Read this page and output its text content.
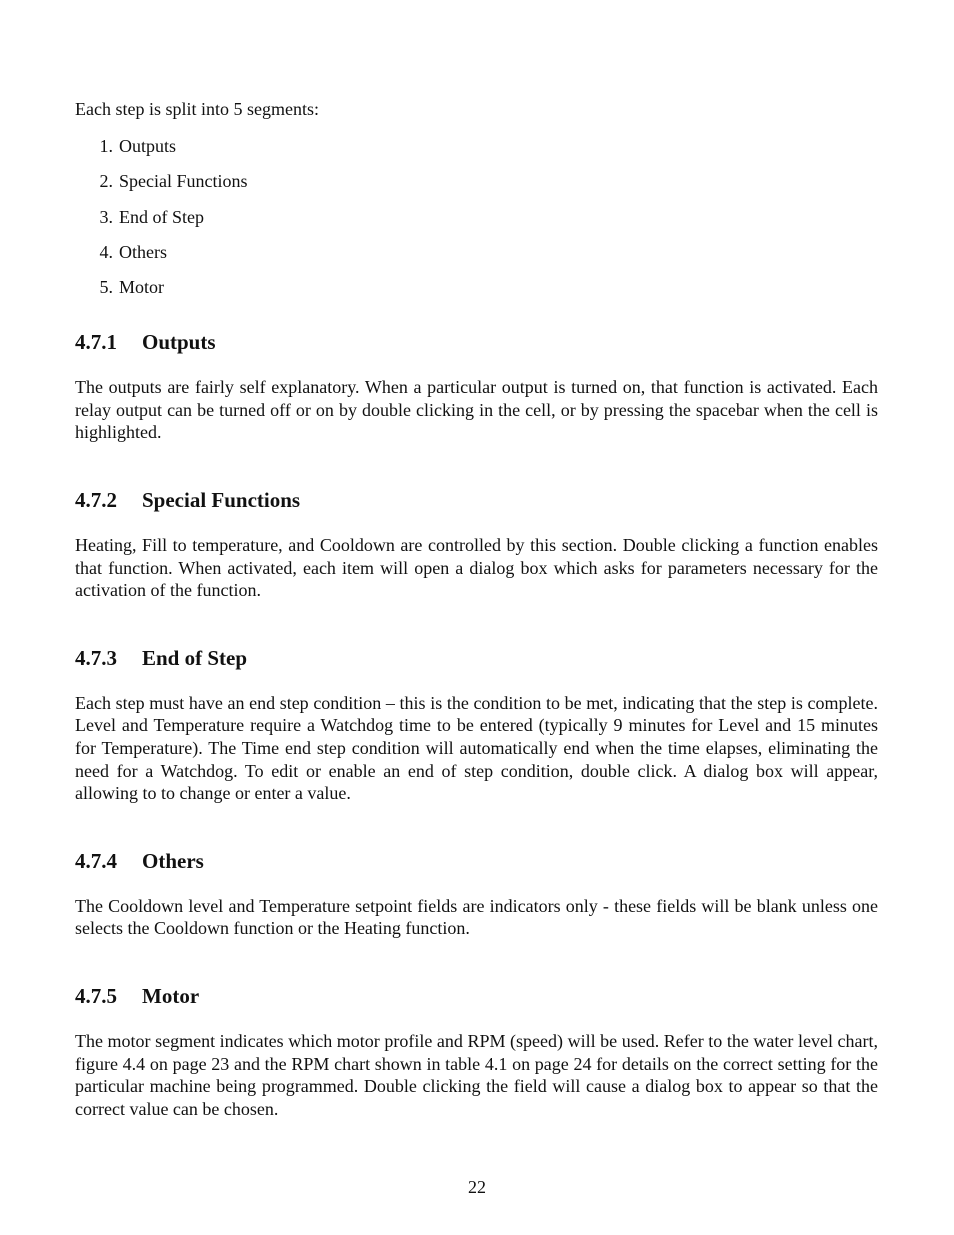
Each step is split into 5 segments:

1. Outputs
2. Special Functions
3. End of Step
4. Others
5. Motor
4.7.1	Outputs

The outputs are fairly self explanatory. When a particular output is turned on, that function is activated. Each relay output can be turned off or on by double clicking in the cell, or by pressing the spacebar when the cell is highlighted.

4.7.2	Special Functions

Heating, Fill to temperature, and Cooldown are controlled by this section. Double clicking a function enables that function. When activated, each item will open a dialog box which asks for parameters necessary for the activation of the function.

4.7.3	End of Step

Each step must have an end step condition – this is the condition to be met, indicating that the step is complete. Level and Temperature require a Watchdog time to be entered (typically 9 minutes for Level and 15 minutes for Temperature). The Time end step condition will automatically end when the time elapses, eliminating the need for a Watchdog. To edit or enable an end of step condition, double click. A dialog box will appear, allowing to to change or enter a value.

4.7.4	Others

The Cooldown level and Temperature setpoint fields are indicators only - these fields will be blank unless one selects the Cooldown function or the Heating function.

4.7.5	Motor

The motor segment indicates which motor profile and RPM (speed) will be used. Refer to the water level chart, figure 4.4 on page 23 and the RPM chart shown in table 4.1 on page 24 for details on the correct setting for the particular machine being programmed. Double clicking the field will cause a dialog box to appear so that the correct value can be chosen.

22
